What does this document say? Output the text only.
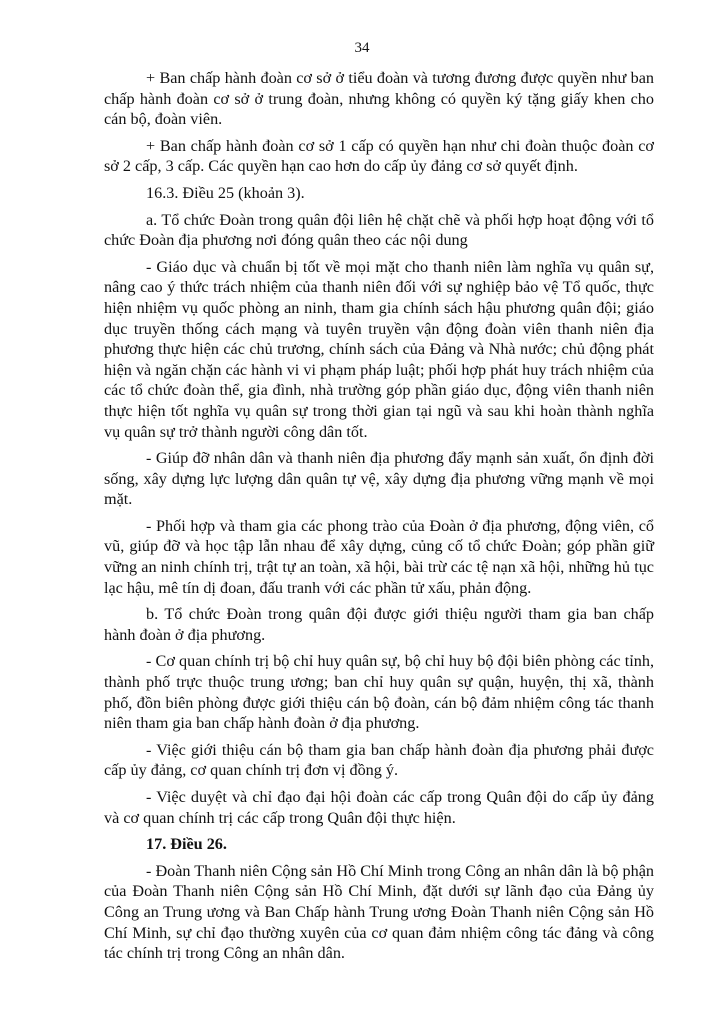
34

+ Ban chấp hành đoàn cơ sở ở tiểu đoàn và tương đương được quyền như ban chấp hành đoàn cơ sở ở trung đoàn, nhưng không có quyền ký tặng giấy khen cho cán bộ, đoàn viên.

+ Ban chấp hành đoàn cơ sở 1 cấp có quyền hạn như chi đoàn thuộc đoàn cơ sở 2 cấp, 3 cấp. Các quyền hạn cao hơn do cấp ủy đảng cơ sở quyết định.

16.3. Điều 25 (khoản 3).

a. Tổ chức Đoàn trong quân đội liên hệ chặt chẽ và phối hợp hoạt động với tổ chức Đoàn địa phương nơi đóng quân theo các nội dung

- Giáo dục và chuẩn bị tốt về mọi mặt cho thanh niên làm nghĩa vụ quân sự, nâng cao ý thức trách nhiệm của thanh niên đối với sự nghiệp bảo vệ Tổ quốc, thực hiện nhiệm vụ quốc phòng an ninh, tham gia chính sách hậu phương quân đội; giáo dục truyền thống cách mạng và tuyên truyền vận động đoàn viên thanh niên địa phương thực hiện các chủ trương, chính sách của Đảng và Nhà nước; chủ động phát hiện và ngăn chặn các hành vi vi phạm pháp luật; phối hợp phát huy trách nhiệm của các tổ chức đoàn thể, gia đình, nhà trường góp phần giáo dục, động viên thanh niên thực hiện tốt nghĩa vụ quân sự trong thời gian tại ngũ và sau khi hoàn thành nghĩa vụ quân sự trở thành người công dân tốt.

- Giúp đỡ nhân dân và thanh niên địa phương đẩy mạnh sản xuất, ổn định đời sống, xây dựng lực lượng dân quân tự vệ, xây dựng địa phương vững mạnh về mọi mặt.

- Phối hợp và tham gia các phong trào của Đoàn ở địa phương, động viên, cổ vũ, giúp đỡ và học tập lẫn nhau để xây dựng, củng cố tổ chức Đoàn; góp phần giữ vững an ninh chính trị, trật tự an toàn, xã hội, bài trừ các tệ nạn xã hội, những hủ tục lạc hậu, mê tín dị đoan, đấu tranh với các phần tử xấu, phản động.

b. Tổ chức Đoàn trong quân đội được giới thiệu người tham gia ban chấp hành đoàn ở địa phương.

- Cơ quan chính trị bộ chỉ huy quân sự, bộ chỉ huy bộ đội biên phòng các tỉnh, thành phố trực thuộc trung ương; ban chỉ huy quân sự quận, huyện, thị xã, thành phố, đồn biên phòng được giới thiệu cán bộ đoàn, cán bộ đảm nhiệm công tác thanh niên tham gia ban chấp hành đoàn ở địa phương.

- Việc giới thiệu cán bộ tham gia ban chấp hành đoàn địa phương phải được cấp ủy đảng, cơ quan chính trị đơn vị đồng ý.

- Việc duyệt và chỉ đạo đại hội đoàn các cấp trong Quân đội do cấp ủy đảng và cơ quan chính trị các cấp trong Quân đội thực hiện.

17. Điều 26.

- Đoàn Thanh niên Cộng sản Hồ Chí Minh trong Công an nhân dân là bộ phận của Đoàn Thanh niên Cộng sản Hồ Chí Minh, đặt dưới sự lãnh đạo của Đảng ủy Công an Trung ương và Ban Chấp hành Trung ương Đoàn Thanh niên Cộng sản Hồ Chí Minh, sự chỉ đạo thường xuyên của cơ quan đảm nhiệm công tác đảng và công tác chính trị trong Công an nhân dân.
